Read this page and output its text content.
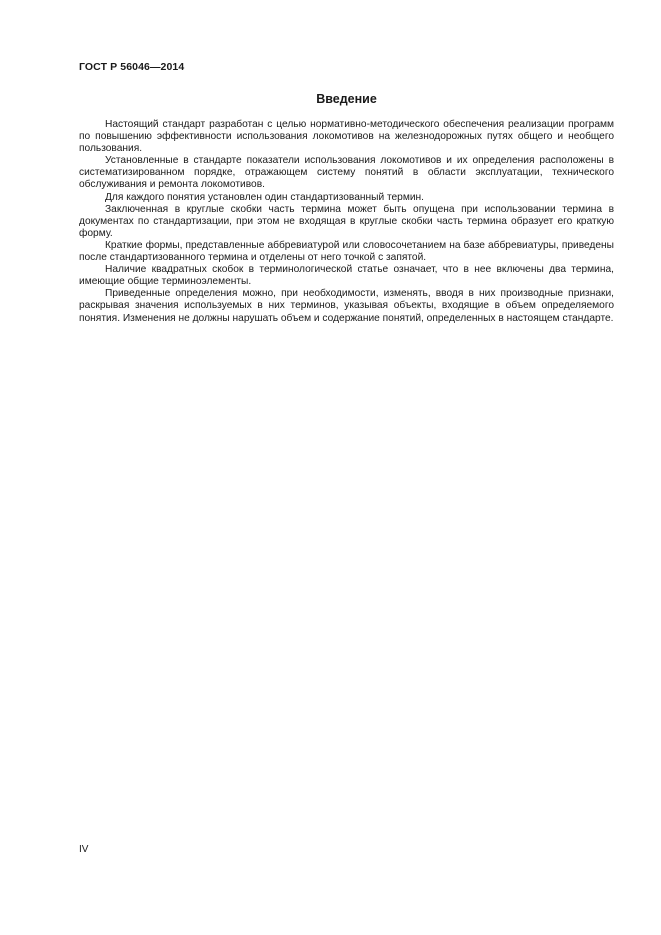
ГОСТ Р 56046—2014
Введение

Настоящий стандарт разработан с целью нормативно-методического обеспечения реализации программ по повышению эффективности использования локомотивов на железнодорожных путях общего и необщего пользования.

Установленные в стандарте показатели использования локомотивов и их определения расположены в систематизированном порядке, отражающем систему понятий в области эксплуатации, технического обслуживания и ремонта локомотивов.

Для каждого понятия установлен один стандартизованный термин.

Заключенная в круглые скобки часть термина может быть опущена при использовании термина в документах по стандартизации, при этом не входящая в круглые скобки часть термина образует его краткую форму.

Краткие формы, представленные аббревиатурой или словосочетанием на базе аббревиатуры, приведены после стандартизованного термина и отделены от него точкой с запятой.

Наличие квадратных скобок в терминологической статье означает, что в нее включены два термина, имеющие общие терминоэлементы.

Приведенные определения можно, при необходимости, изменять, вводя в них производные признаки, раскрывая значения используемых в них терминов, указывая объекты, входящие в объем определяемого понятия. Изменения не должны нарушать объем и содержание понятий, определенных в настоящем стандарте.

IV
